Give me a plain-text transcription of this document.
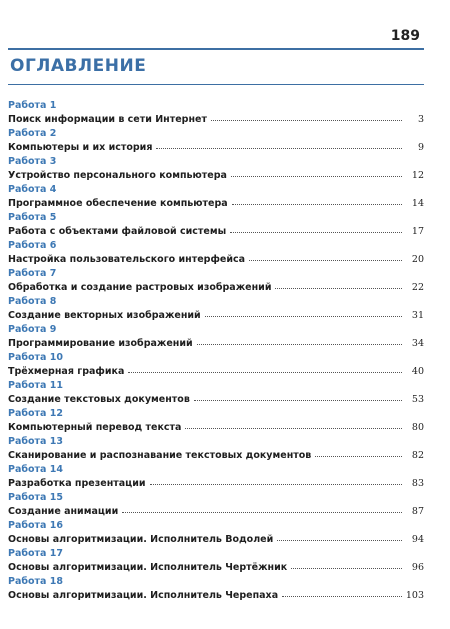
189
ОГЛАВЛЕНИЕ
Работа 1
Поиск информации в сети Интернет	3
Работа 2
Компьютеры и их история	9
Работа 3
Устройство персонального компьютера	12
Работа 4
Программное обеспечение компьютера	14
Работа 5
Работа с объектами файловой системы	17
Работа 6
Настройка пользовательского интерфейса	20
Работа 7
Обработка и создание растровых изображений	22
Работа 8
Создание векторных изображений	31
Работа 9
Программирование изображений	34
Работа 10
Трёхмерная графика	40
Работа 11
Создание текстовых документов	53
Работа 12
Компьютерный перевод текста	80
Работа 13
Сканирование и распознавание текстовых документов	82
Работа 14
Разработка презентации	83
Работа 15
Создание анимации	87
Работа 16
Основы алгоритмизации. Исполнитель Водолей	94
Работа 17
Основы алгоритмизации. Исполнитель Чертёжник	96
Работа 18
Основы алгоритмизации. Исполнитель Черепаха	103
